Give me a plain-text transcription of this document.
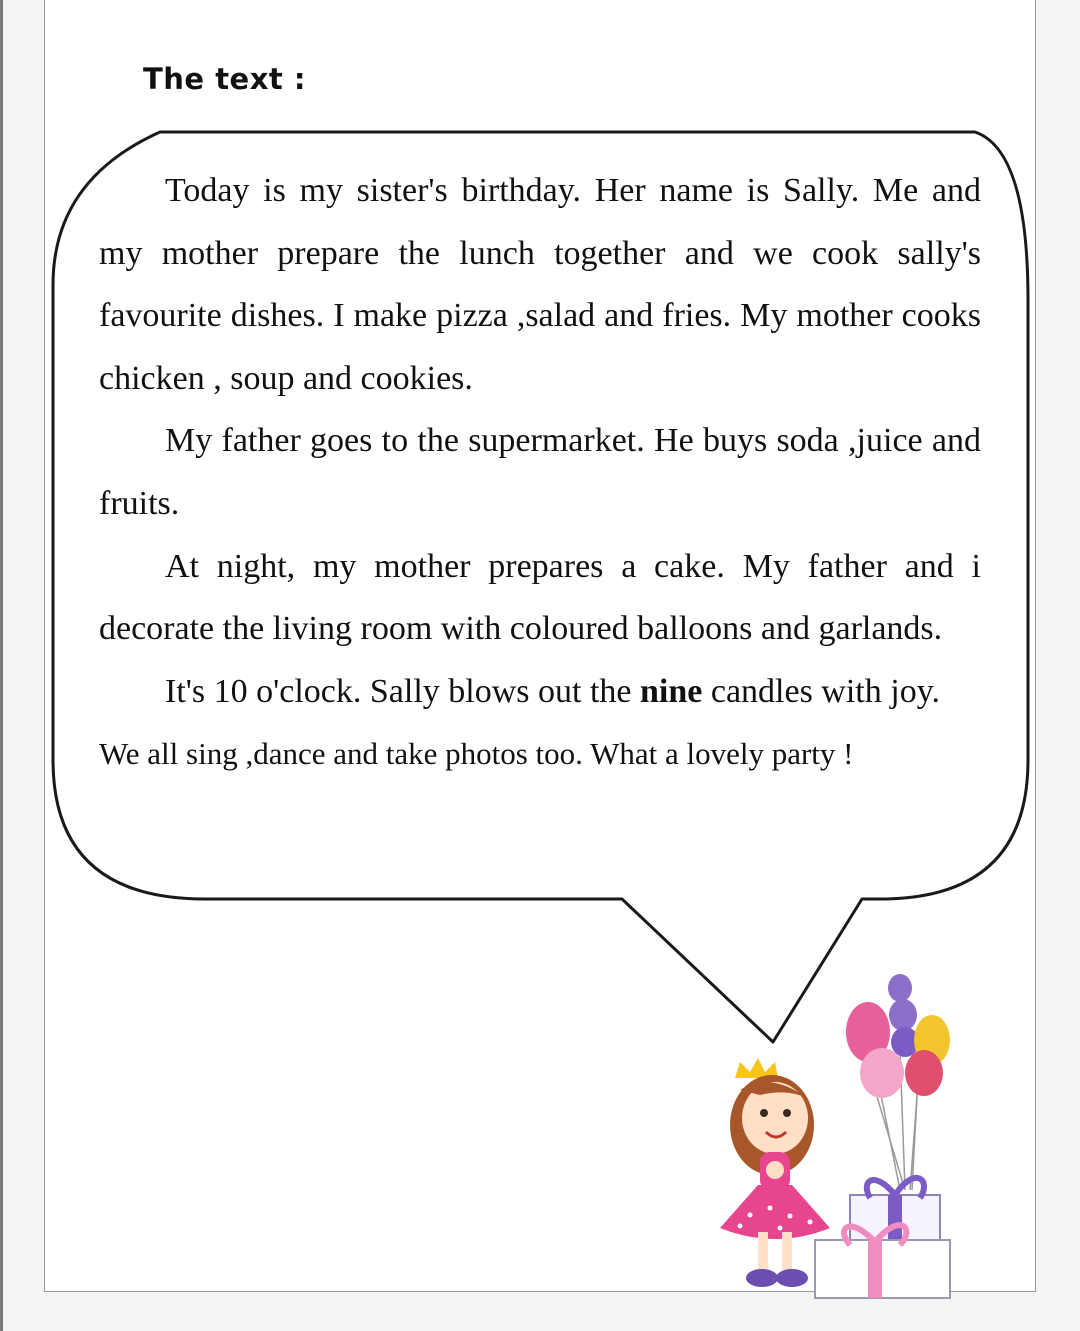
The text :

Today is my sister's birthday. Her name is Sally. Me and my mother prepare the lunch together and we cook sally's favourite dishes. I make pizza ,salad and fries. My mother cooks chicken , soup and cookies.

My father goes to the supermarket. He buys soda ,juice and fruits.

At night, my mother prepares a cake. My father and i decorate the living room with coloured balloons and garlands.

It's 10 o'clock. Sally blows out the nine candles with joy.

We all sing ,dance and take photos too. What a lovely party !
